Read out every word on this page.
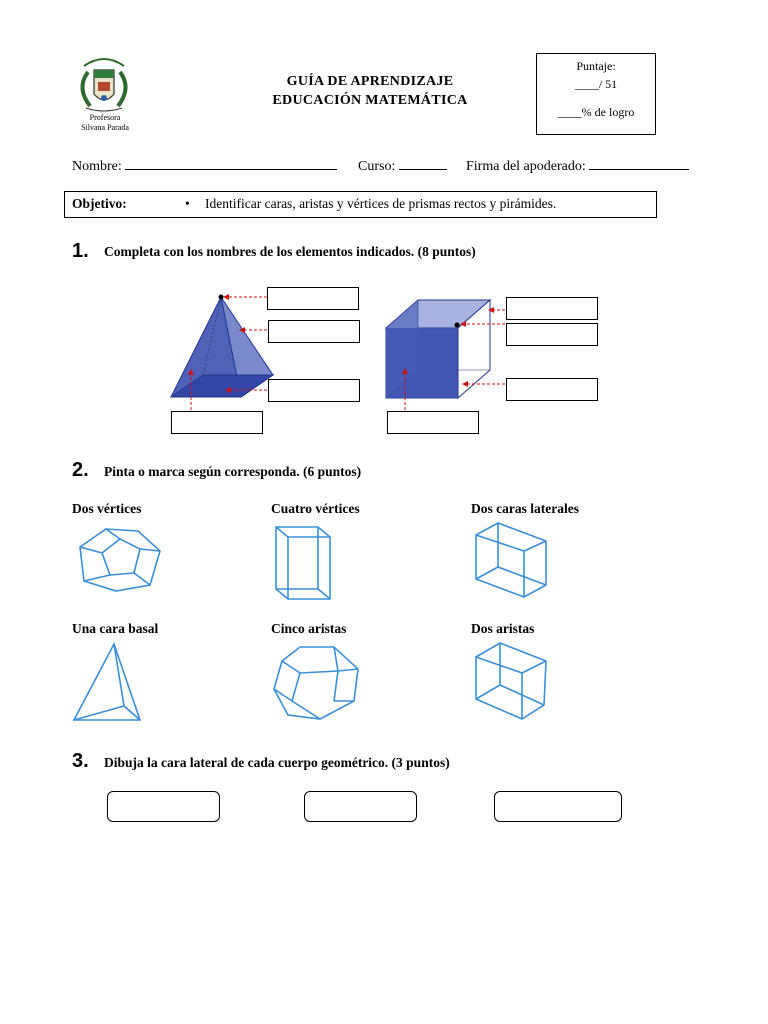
Profesora
Silvana Parada
GUÍA DE APRENDIZAJE
EDUCACIÓN MATEMÁTICA
Puntaje:
____/ 51
____% de logro
Nombre:	Curso:	Firma del apoderado:
Objetivo:	• Identificar caras, aristas y vértices de prismas rectos y pirámides.
1. Completa con los nombres de los elementos indicados. (8 puntos)
2. Pinta o marca según corresponda. (6 puntos)
Dos vértices	Cuatro vértices	Dos caras laterales
Una cara basal	Cinco aristas	Dos aristas
3. Dibuja la cara lateral de cada cuerpo geométrico. (3 puntos)
